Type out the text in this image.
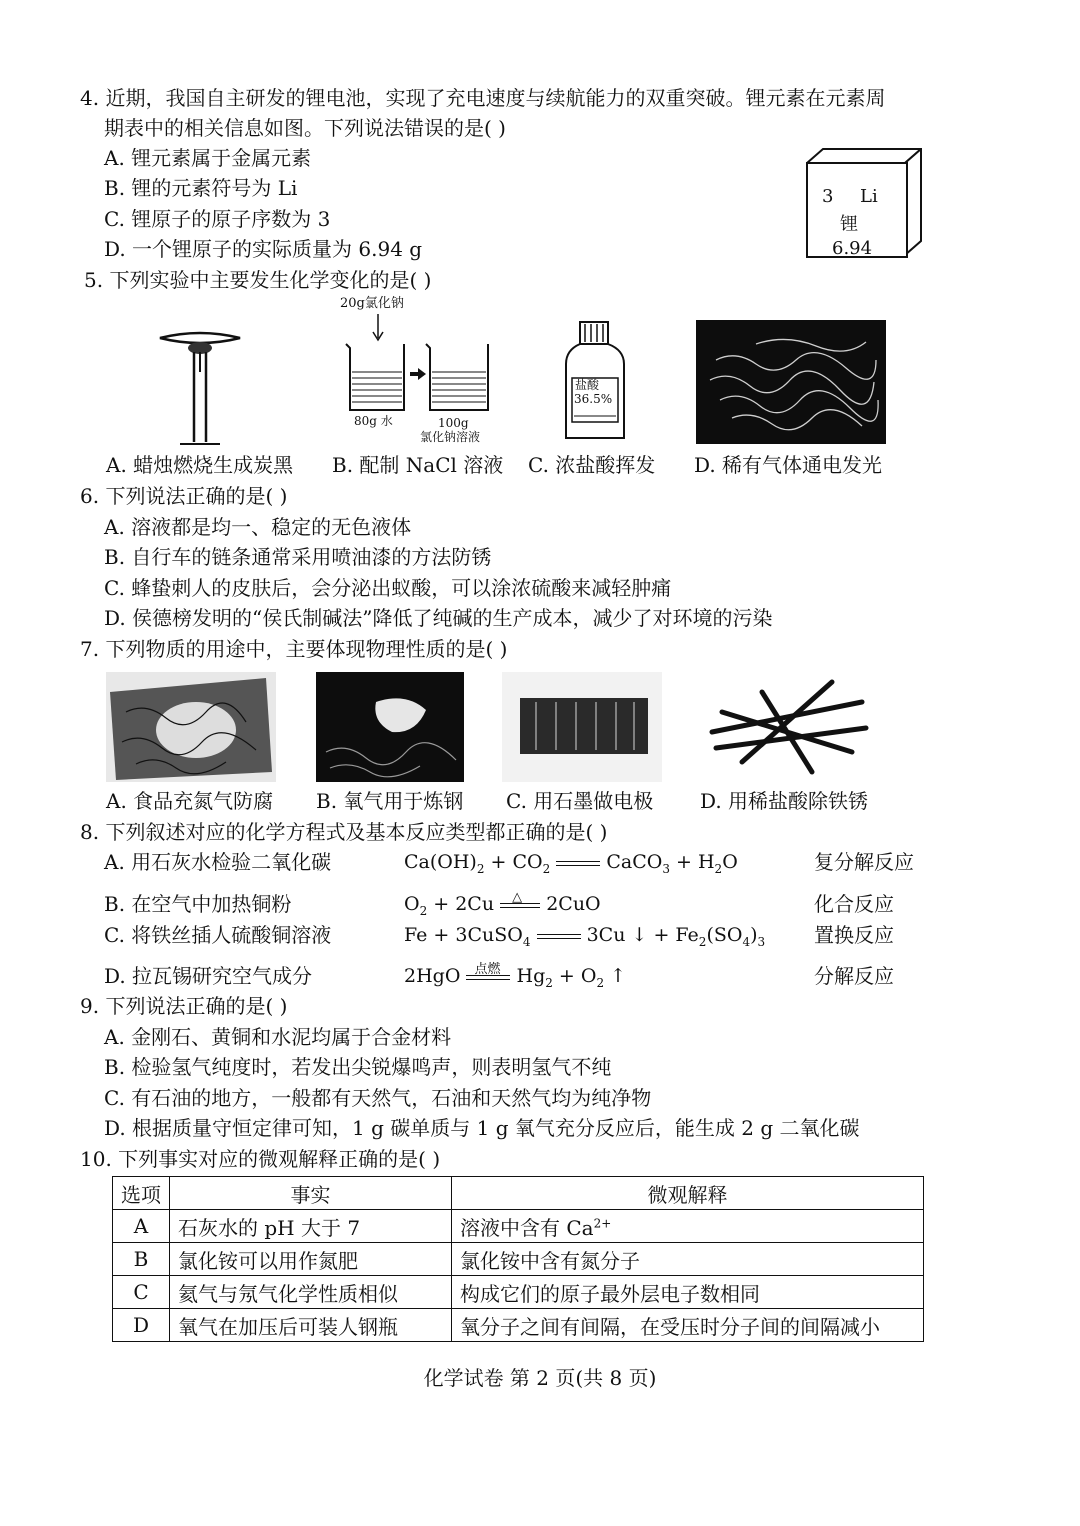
4. 近期，我国自主研发的锂电池，实现了充电速度与续航能力的双重突破。锂元素在元素周
期表中的相关信息如图。下列说法错误的是( )
A. 锂元素属于金属元素
B. 锂的元素符号为 Li
C. 锂原子的原子序数为 3
D. 一个锂原子的实际质量为 6.94 g
3 Li
锂
6.94
5. 下列实验中主要发生化学变化的是( )
20g氯化钠
80g 水	100g
氯化钠溶液
盐酸
36.5%
A. 蜡烛燃烧生成炭黑 B. 配制 NaCl 溶液 C. 浓盐酸挥发 D. 稀有气体通电发光
6. 下列说法正确的是( )
A. 溶液都是均一、稳定的无色液体
B. 自行车的链条通常采用喷油漆的方法防锈
C. 蜂蛰刺人的皮肤后，会分泌出蚁酸，可以涂浓硫酸来减轻肿痛
D. 侯德榜发明的“侯氏制碱法”降低了纯碱的生产成本，减少了对环境的污染
7. 下列物质的用途中，主要体现物理性质的是( )
A. 食品充氮气防腐 B. 氧气用于炼钢 C. 用石墨做电极 D. 用稀盐酸除铁锈
8. 下列叙述对应的化学方程式及基本反应类型都正确的是( )
A. 用石灰水检验二氧化碳	$Ca(OH)_2 + CO_2$	CaCO$_3$ + $H_2O$	复分解反应
B. 在空气中加热铜粉	$O_2 + 2Cu$ △ 2CuO	化合反应
C. 将铁丝插人硫酸铜溶液	Fe + 3CuSO$_4$	3Cu ↓ + $Fe_2(SO_4)_3$ 置换反应
D. 拉瓦锡研究空气成分	2HgO 点燃 $Hg_2 + O_2$ ↑	分解反应
9. 下列说法正确的是( )
A. 金刚石、黄铜和水泥均属于合金材料
B. 检验氢气纯度时，若发出尖锐爆鸣声，则表明氢气不纯
C. 有石油的地方，一般都有天然气，石油和天然气均为纯净物
D. 根据质量守恒定律可知，1 g 碳单质与 1 g 氧气充分反应后，能生成 2 g 二氧化碳
10. 下列事实对应的微观解释正确的是( )
选项	事实	微观解释
A	石灰水的 pH 大于 7	溶液中含有 $Ca^{2+}$
B	氯化铵可以用作氮肥	氯化铵中含有氮分子
C	氦气与氖气化学性质相似	构成它们的原子最外层电子数相同
D	氧气在加压后可装人钢瓶	氧分子之间有间隔，在受压时分子间的间隔减小
化学试卷 第 2 页(共 8 页)
